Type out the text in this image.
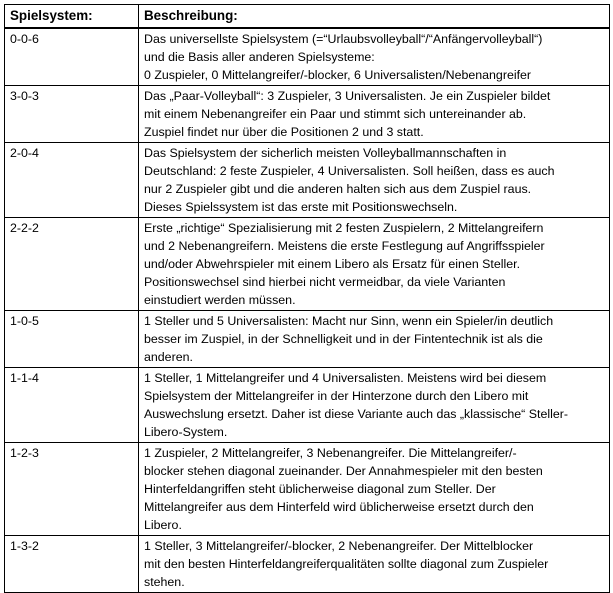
Spielsystem:	Beschreibung:
0-0-6	Das universellste Spielsystem (=“Urlaubsvolleyball“/“Anfängervolleyball“)
und die Basis aller anderen Spielsysteme:
0 Zuspieler, 0 Mittelangreifer/-blocker, 6 Universalisten/Nebenangreifer
3-0-3	Das „Paar-Volleyball“: 3 Zuspieler, 3 Universalisten. Je ein Zuspieler bildet
mit einem Nebenangreifer ein Paar und stimmt sich untereinander ab.
Zuspiel findet nur über die Positionen 2 und 3 statt.
2-0-4	Das Spielsystem der sicherlich meisten Volleyballmannschaften in
Deutschland: 2 feste Zuspieler, 4 Universalisten. Soll heißen, dass es auch
nur 2 Zuspieler gibt und die anderen halten sich aus dem Zuspiel raus.
Dieses Spielssystem ist das erste mit Positionswechseln.
2-2-2	Erste „richtige“ Spezialisierung mit 2 festen Zuspielern, 2 Mittelangreifern
und 2 Nebenangreifern. Meistens die erste Festlegung auf Angriffsspieler
und/oder Abwehrspieler mit einem Libero als Ersatz für einen Steller.
Positionswechsel sind hierbei nicht vermeidbar, da viele Varianten
einstudiert werden müssen.
1-0-5	1 Steller und 5 Universalisten: Macht nur Sinn, wenn ein Spieler/in deutlich
besser im Zuspiel, in der Schnelligkeit und in der Fintentechnik ist als die
anderen.
1-1-4	1 Steller, 1 Mittelangreifer und 4 Universalisten. Meistens wird bei diesem
Spielsystem der Mittelangreifer in der Hinterzone durch den Libero mit
Auswechslung ersetzt. Daher ist diese Variante auch das „klassische“ Steller-
Libero-System.
1-2-3	1 Zuspieler, 2 Mittelangreifer, 3 Nebenangreifer. Die Mittelangreifer/-
blocker stehen diagonal zueinander. Der Annahmespieler mit den besten
Hinterfeldangriffen steht üblicherweise diagonal zum Steller. Der
Mittelangreifer aus dem Hinterfeld wird üblicherweise ersetzt durch den
Libero.
1-3-2	1 Steller, 3 Mittelangreifer/-blocker, 2 Nebenangreifer. Der Mittelblocker
mit den besten Hinterfeldangreiferqualitäten sollte diagonal zum Zuspieler
stehen.
